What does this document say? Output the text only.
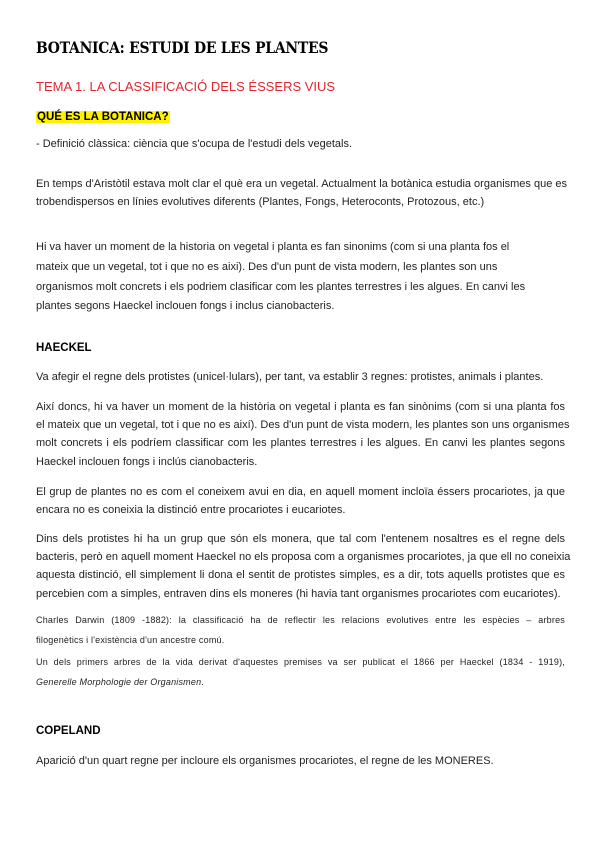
BOTANICA: ESTUDI DE LES PLANTES
TEMA 1. LA CLASSIFICACIÓ DELS ÉSSERS VIUS
QUÉ ES LA BOTANICA?
- Definició clàssica: ciència que s'ocupa de l'estudi dels vegetals.
En temps d'Aristòtil estava molt clar el què era un vegetal. Actualment la botànica estudia organismes que es
trobendispersos en línies evolutives diferents (Plantes, Fongs, Heteroconts, Protozous, etc.)
Hi va haver un moment de la historia on vegetal i planta es fan sinonims (com si una planta fos el
mateix que un vegetal, tot i que no es aixi). Des d'un punt de vista modern, les plantes son uns
organismos molt concrets i els podriem clasificar com les plantes terrestres i les algues. En canvi les
plantes segons Haeckel inclouen fongs i inclus cianobacteris.
HAECKEL
Va afegir el regne dels protistes (unicel·lulars), per tant, va establir 3 regnes: protistes, animals i plantes.
Així doncs, hi va haver un moment de la història on vegetal i planta es fan sinònims (com si una planta fos
el mateix que un vegetal, tot i que no es així). Des d'un punt de vista modern, les plantes son uns organismes
molt concrets i els podríem classificar com les plantes terrestres i les algues. En canvi les plantes segons
Haeckel inclouen fongs i inclús cianobacteris.
El grup de plantes no es com el coneixem avui en dia, en aquell moment incloïa éssers procariotes, ja que
encara no es coneixia la distinció entre procariotes i eucariotes.
Dins dels protistes hi ha un grup que són els monera, que tal com l'entenem nosaltres es el regne dels
bacteris, però en aquell moment Haeckel no els proposa com a organismes procariotes, ja que ell no coneixia
aquesta distinció, ell simplement li dona el sentit de protistes simples, es a dir, tots aquells protistes que es
percebien com a simples, entraven dins els moneres (hi havia tant organismes procariotes com eucariotes).
Charles Darwin (1809 -1882): la classificació ha de reflectir les relacions evolutives entre les espècies – arbres
filogenètics i l'existència d'un ancestre comú.
Un dels primers arbres de la vida derivat d'aquestes premises va ser publicat el 1866 per Haeckel (1834 - 1919),
Generelle Morphologie der Organismen.
COPELAND
Aparició d'un quart regne per incloure els organismes procariotes, el regne de les MONERES.
